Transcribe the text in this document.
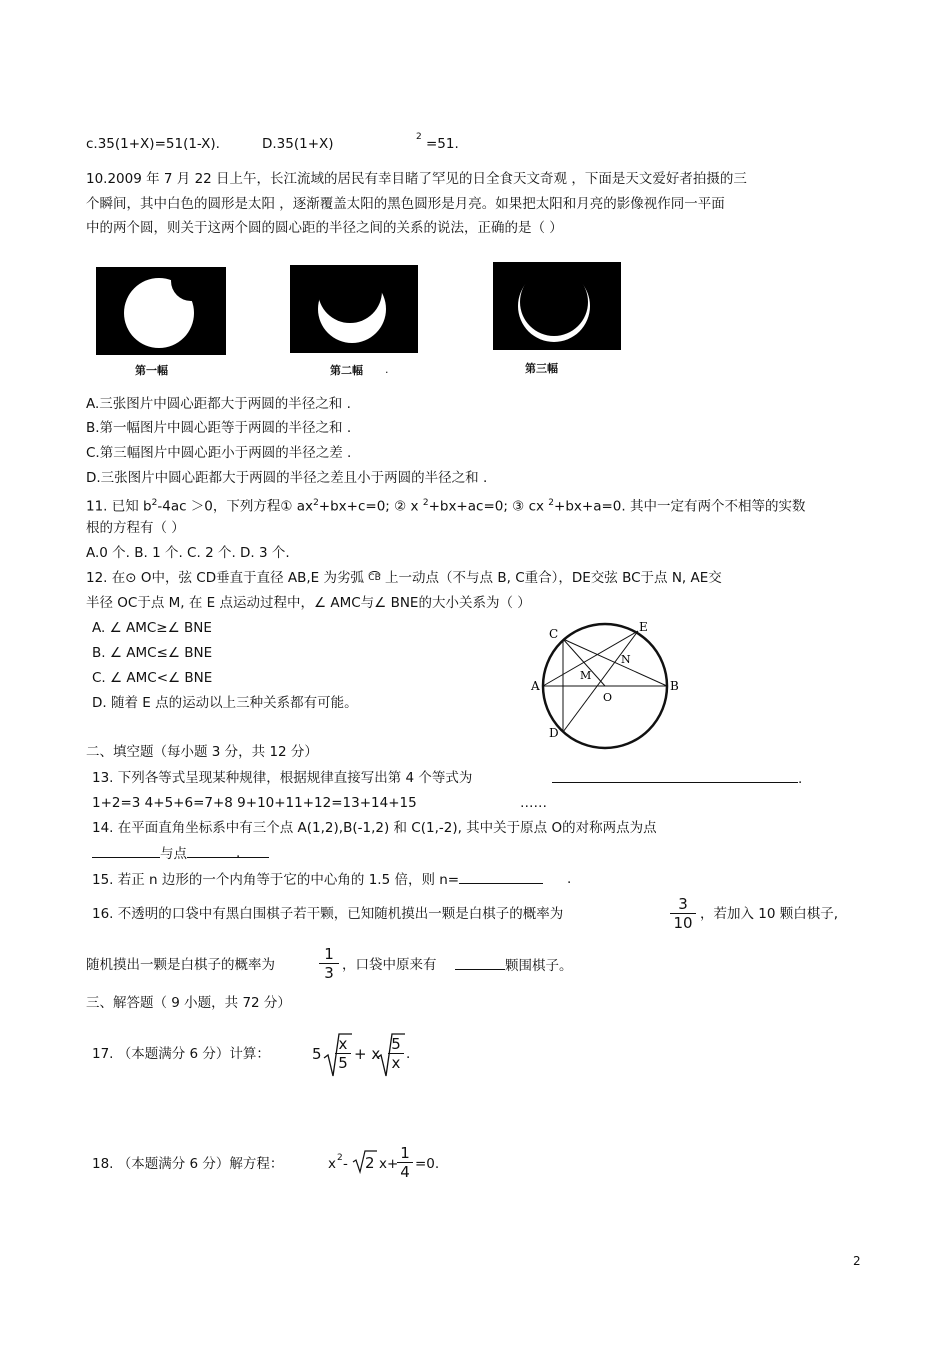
c.35(1+X)=51(1-X).	D.35(1+X)	2 =51.
10.2009 年 7 月 22 日上午，长江流域的居民有幸目睹了罕见的日全食天文奇观 ，下面是天文爱好者拍摄的三
个瞬间，其中白色的圆形是太阳 ，逐渐覆盖太阳的黑色圆形是月亮。如果把太阳和月亮的影像视作同一平面
中的两个圆，则关于这两个圆的圆心距的半径之间的关系的说法，正确的是（ ）
第一幅	第二幅 .	第三幅
A.三张图片中圆心距都大于两圆的半径之和 .
B.第一幅图片中圆心距等于两圆的半径之和 .
C.第三幅图片中圆心距小于两圆的半径之差 .
D.三张图片中圆心距都大于两圆的半径之差且小于两圆的半径之和 .
11. 已知 $b^2-4ac >0$，下列方程① $ax^2+bx+c=0$; ② x $^2$+bx+ac=0; ③ cx $^2$+bx+a=0. 其中一定有两个不相等的实数
根的方程有（ ）
A.0 个. B. 1 个. C. 2 个. D. 3 个.
12. 在⊙ O中，弦 CD垂直于直径 AB,E 为劣弧 CB 上一动点（不与点 B, C重合），DE交弦 BC于点 N, AE交
半径 OC于点 M, 在 E 点运动过程中，∠ AMC与∠ BNE的大小关系为（ ）
A. ∠ AMC≥∠ BNE
B. ∠ AMC≤∠ BNE
C. ∠ AMC<∠ BNE
D. 随着 E 点的运动以上三种关系都有可能。
C	E
A	B
D
M
N
O
二、填空题（每小题 3 分，共 12 分）
13. 下列各等式呈现某种规律，根据规律直接写出第 4 个等式为	.
1+2=3 4+5+6=7+8 9+10+11+12=13+14+15	……
14. 在平面直角坐标系中有三个点 A(1,2),B(-1,2) 和 C(1,-2), 其中关于原点 O的对称两点为点
与点	.
15. 若正 n 边形的一个内角等于它的中心角的 1.5 倍，则 n=	.
16. 不透明的口袋中有黑白围棋子若干颗，已知随机摸出一颗是白棋子的概率为	$\frac{3}{10}$ ，若加入 10 颗白棋子,
随机摸出一颗是白棋子的概率为	$\frac{1}{3}$ ，口袋中原来有	颗围棋子。
三、解答题（ 9 小题，共 72 分）
17. （本题满分 6 分）计算：	$5 \frac{x}{5} + x \frac{5}{x}$ .
18. （本题满分 6 分）解方程：	x 2 - 2 x+
$\frac{1}{4} =0$.
2
